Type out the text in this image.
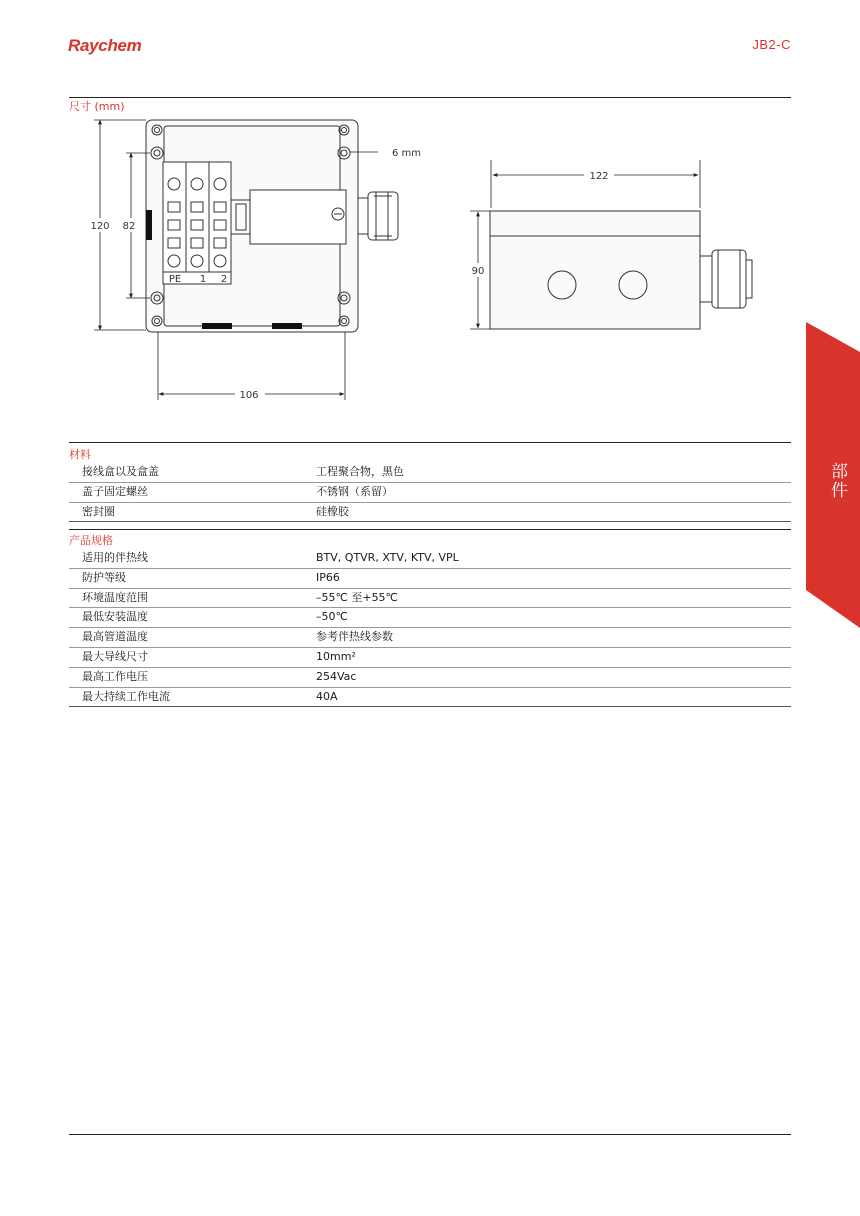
Raychem	JB2-C
尺寸 (mm)
PE 1 2
120 82
6 mm
106
122
90
材料
接线盒以及盒盖	工程聚合物，黑色
盖子固定螺丝	不锈钢（系留）
密封圈	硅橡胶
产品规格
适用的伴热线	BTV, QTVR, XTV, KTV, VPL
防护等级	IP66
环境温度范围	–55℃ 至+55℃
最低安装温度	–50℃
最高管道温度	参考伴热线参数
最大导线尺寸	10mm²
最高工作电压	254Vac
最大持续工作电流	40A
部件
